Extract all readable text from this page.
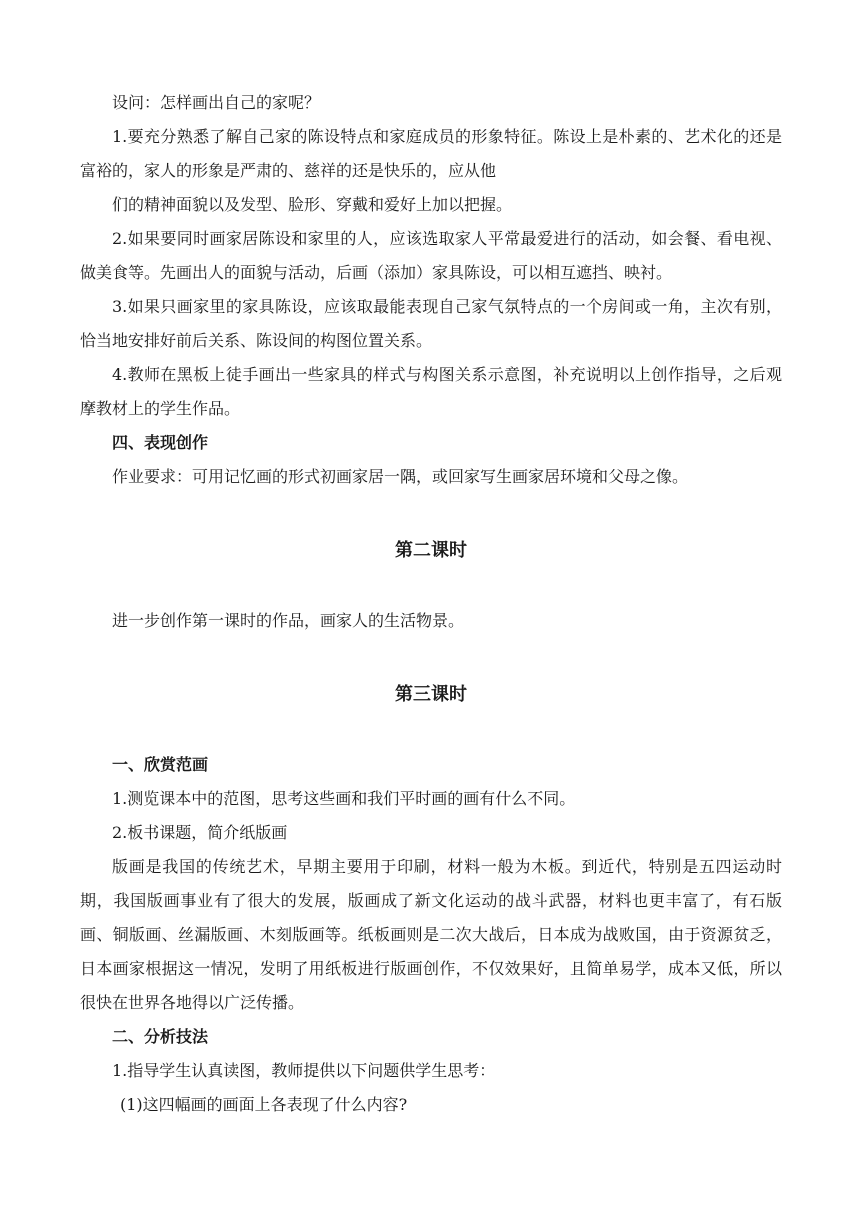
设问：怎样画出自己的家呢？

1.要充分熟悉了解自己家的陈设特点和家庭成员的形象特征。陈设上是朴素的、艺术化的还是富裕的，家人的形象是严肃的、慈祥的还是快乐的，应从他

们的精神面貌以及发型、脸形、穿戴和爱好上加以把握。

2.如果要同时画家居陈设和家里的人，应该选取家人平常最爱进行的活动，如会餐、看电视、做美食等。先画出人的面貌与活动，后画（添加）家具陈设，可以相互遮挡、映衬。

3.如果只画家里的家具陈设，应该取最能表现自己家气氛特点的一个房间或一角，主次有别，恰当地安排好前后关系、陈设间的构图位置关系。

4.教师在黑板上徒手画出一些家具的样式与构图关系示意图，补充说明以上创作指导，之后观摩教材上的学生作品。

四、表现创作

作业要求：可用记忆画的形式初画家居一隅，或回家写生画家居环境和父母之像。

第二课时

进一步创作第一课时的作品，画家人的生活物景。

第三课时
一、欣赏范画

1.测览课本中的范图，思考这些画和我们平时画的画有什么不同。

2.板书课题，简介纸版画

版画是我国的传统艺术，早期主要用于印刷，材料一般为木板。到近代，特别是五四运动时期，我国版画事业有了很大的发展，版画成了新文化运动的战斗武器，材料也更丰富了，有石版画、铜版画、丝漏版画、木刻版画等。纸板画则是二次大战后，日本成为战败国，由于资源贫乏，日本画家根据这一情况，发明了用纸板进行版画创作，不仅效果好，且简单易学，成本又低，所以很快在世界各地得以广泛传播。

二、分析技法

1.指导学生认真读图，教师提供以下问题供学生思考：

(1)这四幅画的画面上各表现了什么内容?
